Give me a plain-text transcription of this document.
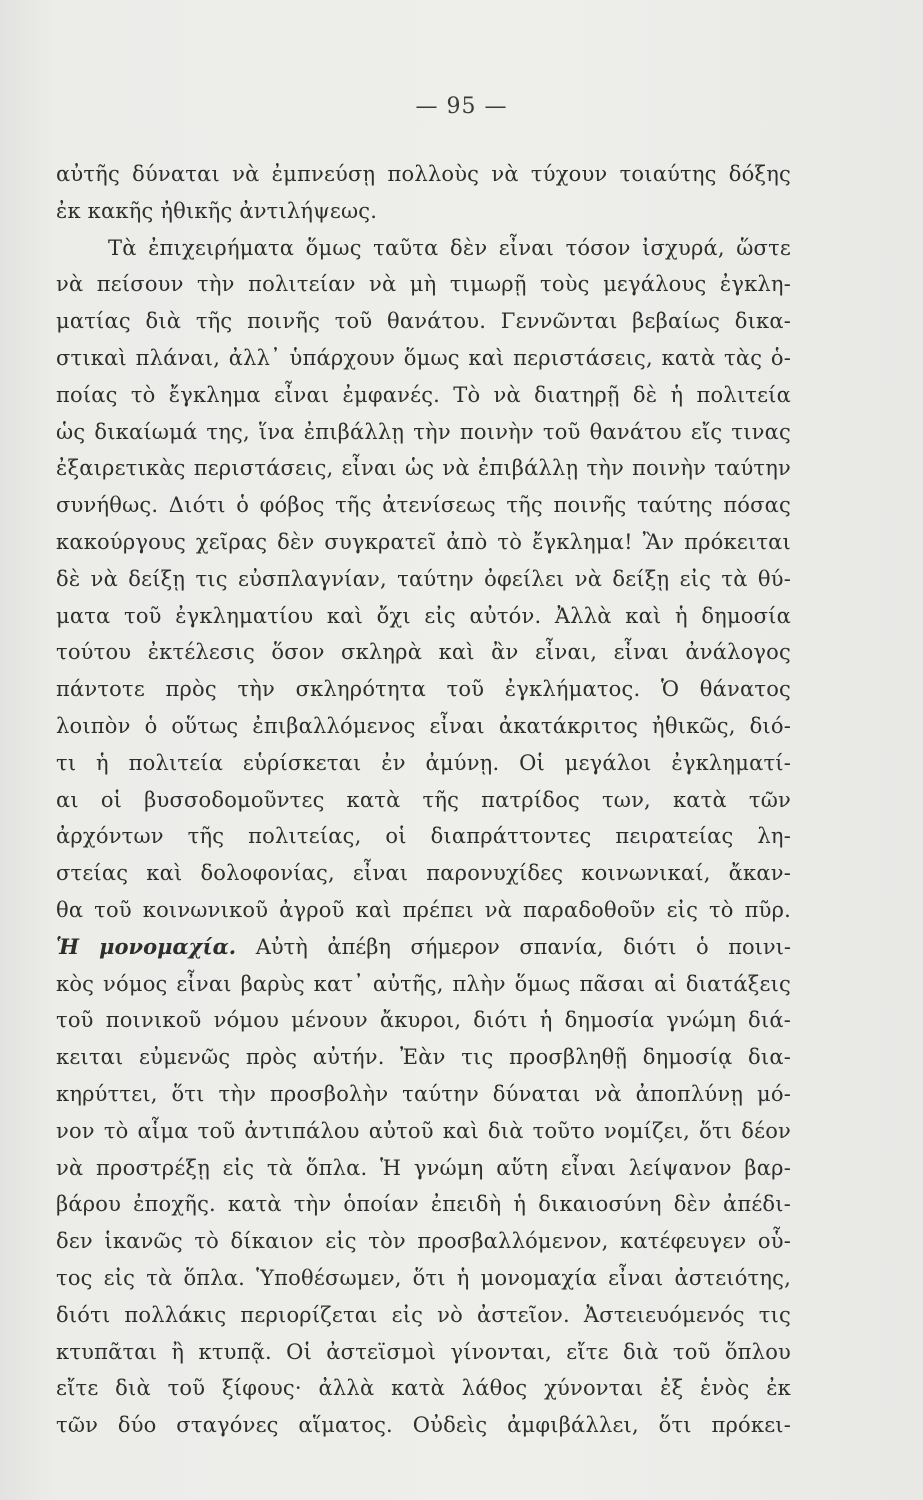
— 95 —
αὐτῆς δύναται νὰ ἐμπνεύσῃ πολλοὺς νὰ τύχουν τοιαύτης δόξης
ἐκ κακῆς ἠθικῆς ἀντιλήψεως.
Τὰ ἐπιχειρήματα ὅμως ταῦτα δὲν εἶναι τόσον ἰσχυρά, ὥστε
νὰ πείσουν τὴν πολιτείαν νὰ μὴ τιμωρῇ τοὺς μεγάλους ἐγκλη-
ματίας διὰ τῆς ποινῆς τοῦ θανάτου. Γεννῶνται βεβαίως δικα-
στικαὶ πλάναι, ἀλλ᾽ ὑπάρχουν ὅμως καὶ περιστάσεις, κατὰ τὰς ὁ-
ποίας τὸ ἔγκλημα εἶναι ἐμφανές. Τὸ νὰ διατηρῇ δὲ ἡ πολιτεία
ὡς δικαίωμά της, ἵνα ἐπιβάλλῃ τὴν ποινὴν τοῦ θανάτου εἴς τινας
ἐξαιρετικὰς περιστάσεις, εἶναι ὡς νὰ ἐπιβάλλῃ τὴν ποινὴν ταύτην
συνήθως. Διότι ὁ φόβος τῆς ἀτενίσεως τῆς ποινῆς ταύτης πόσας
κακούργους χεῖρας δὲν συγκρατεῖ ἀπὸ τὸ ἔγκλημα! Ἂν πρόκειται
δὲ νὰ δείξῃ τις εὐσπλαγνίαν, ταύτην ὀφείλει νὰ δείξῃ εἰς τὰ θύ-
ματα τοῦ ἐγκληματίου καὶ ὄχι εἰς αὐτόν. Ἀλλὰ καὶ ἡ δημοσία
τούτου ἐκτέλεσις ὅσον σκληρὰ καὶ ἂν εἶναι, εἶναι ἀνάλογος
πάντοτε πρὸς τὴν σκληρότητα τοῦ ἐγκλήματος. Ὁ θάνατος
λοιπὸν ὁ οὕτως ἐπιβαλλόμενος εἶναι ἀκατάκριτος ἠθικῶς, διό-
τι ἡ πολιτεία εὑρίσκεται ἐν ἀμύνῃ. Οἱ μεγάλοι ἐγκληματί-
αι οἱ βυσσοδομοῦντες κατὰ τῆς πατρίδος των, κατὰ τῶν
ἀρχόντων τῆς πολιτείας, οἱ διαπράττοντες πειρατείας λη-
στείας καὶ δολοφονίας, εἶναι παρονυχίδες κοινωνικαί, ἄκαν-
θα τοῦ κοινωνικοῦ ἀγροῦ καὶ πρέπει νὰ παραδοθοῦν εἰς τὸ πῦρ.
Ἡ μονομαχία. Αὐτὴ ἀπέβη σήμερον σπανία, διότι ὁ ποινι-
κὸς νόμος εἶναι βαρὺς κατ᾽ αὐτῆς, πλὴν ὅμως πᾶσαι αἱ διατάξεις
τοῦ ποινικοῦ νόμου μένουν ἄκυροι, διότι ἡ δημοσία γνώμη διά-
κειται εὐμενῶς πρὸς αὐτήν. Ἐὰν τις προσβληθῇ δημοσίᾳ δια-
κηρύττει, ὅτι τὴν προσβολὴν ταύτην δύναται νὰ ἀποπλύνῃ μό-
νον τὸ αἷμα τοῦ ἀντιπάλου αὐτοῦ καὶ διὰ τοῦτο νομίζει, ὅτι δέον
νὰ προστρέξῃ εἰς τὰ ὅπλα. Ἡ γνώμη αὕτη εἶναι λείψανον βαρ-
βάρου ἐποχῆς. κατὰ τὴν ὁποίαν ἐπειδὴ ἡ δικαιοσύνη δὲν ἀπέδι-
δεν ἱκανῶς τὸ δίκαιον εἰς τὸν προσβαλλόμενον, κατέφευγεν οὗ-
τος εἰς τὰ ὅπλα. Ὑποθέσωμεν, ὅτι ἡ μονομαχία εἶναι ἀστειότης,
διότι πολλάκις περιορίζεται εἰς νὸ ἀστεῖον. Ἀστειευόμενός τις
κτυπᾶται ἢ κτυπᾷ. Οἱ ἀστεϊσμοὶ γίνονται, εἴτε διὰ τοῦ ὅπλου
εἴτε διὰ τοῦ ξίφους· ἀλλὰ κατὰ λάθος χύνονται ἐξ ἑνὸς ἐκ
τῶν δύο σταγόνες αἵματος. Οὐδεὶς ἀμφιβάλλει, ὅτι πρόκει-
